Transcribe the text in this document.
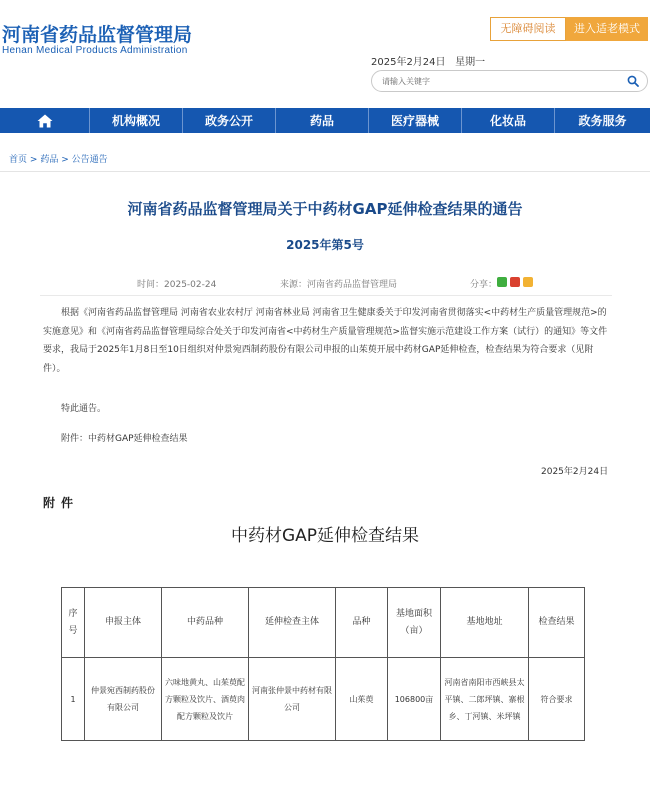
河南省药品监督管理局
Henan Medical Products Administration
无障碍阅读	进入适老模式
2025年2月24日 星期一
请输入关键字
机构概况	政务公开	药品	医疗器械	化妆品	政务服务
首页 > 药品 > 公告通告
河南省药品监督管理局关于中药材GAP延伸检查结果的通告
2025年第5号
时间：2025-02-24	来源：河南省药品监督管理局	分享：
根据《河南省药品监督管理局 河南省农业农村厅 河南省林业局 河南省卫生健康委关于印发河南省贯彻落实<中药材生产质量管理规范>的实施意见》和《河南省药品监督管理局综合处关于印发河南省<中药材生产质量管理规范>监督实施示范建设工作方案（试行）的通知》等文件要求，我局于2025年1月8日至10日组织对仲景宛西制药股份有限公司申报的山茱萸开展中药材GAP延伸检查，检查结果为符合要求（见附件）。
特此通告。
附件：中药材GAP延伸检查结果
2025年2月24日
附件
中药材GAP延伸检查结果
序号	申报主体	中药品种	延伸检查主体	品种	基地面积（亩）	基地地址	检查结果
1	仲景宛西制药股份有限公司	六味地黄丸、山茱萸配方颗粒及饮片、酒萸肉配方颗粒及饮片	河南张仲景中药材有限公司	山茱萸	106800亩	河南省南阳市西峡县太平镇、二郎坪镇、寨根乡、丁河镇、米坪镇	符合要求
